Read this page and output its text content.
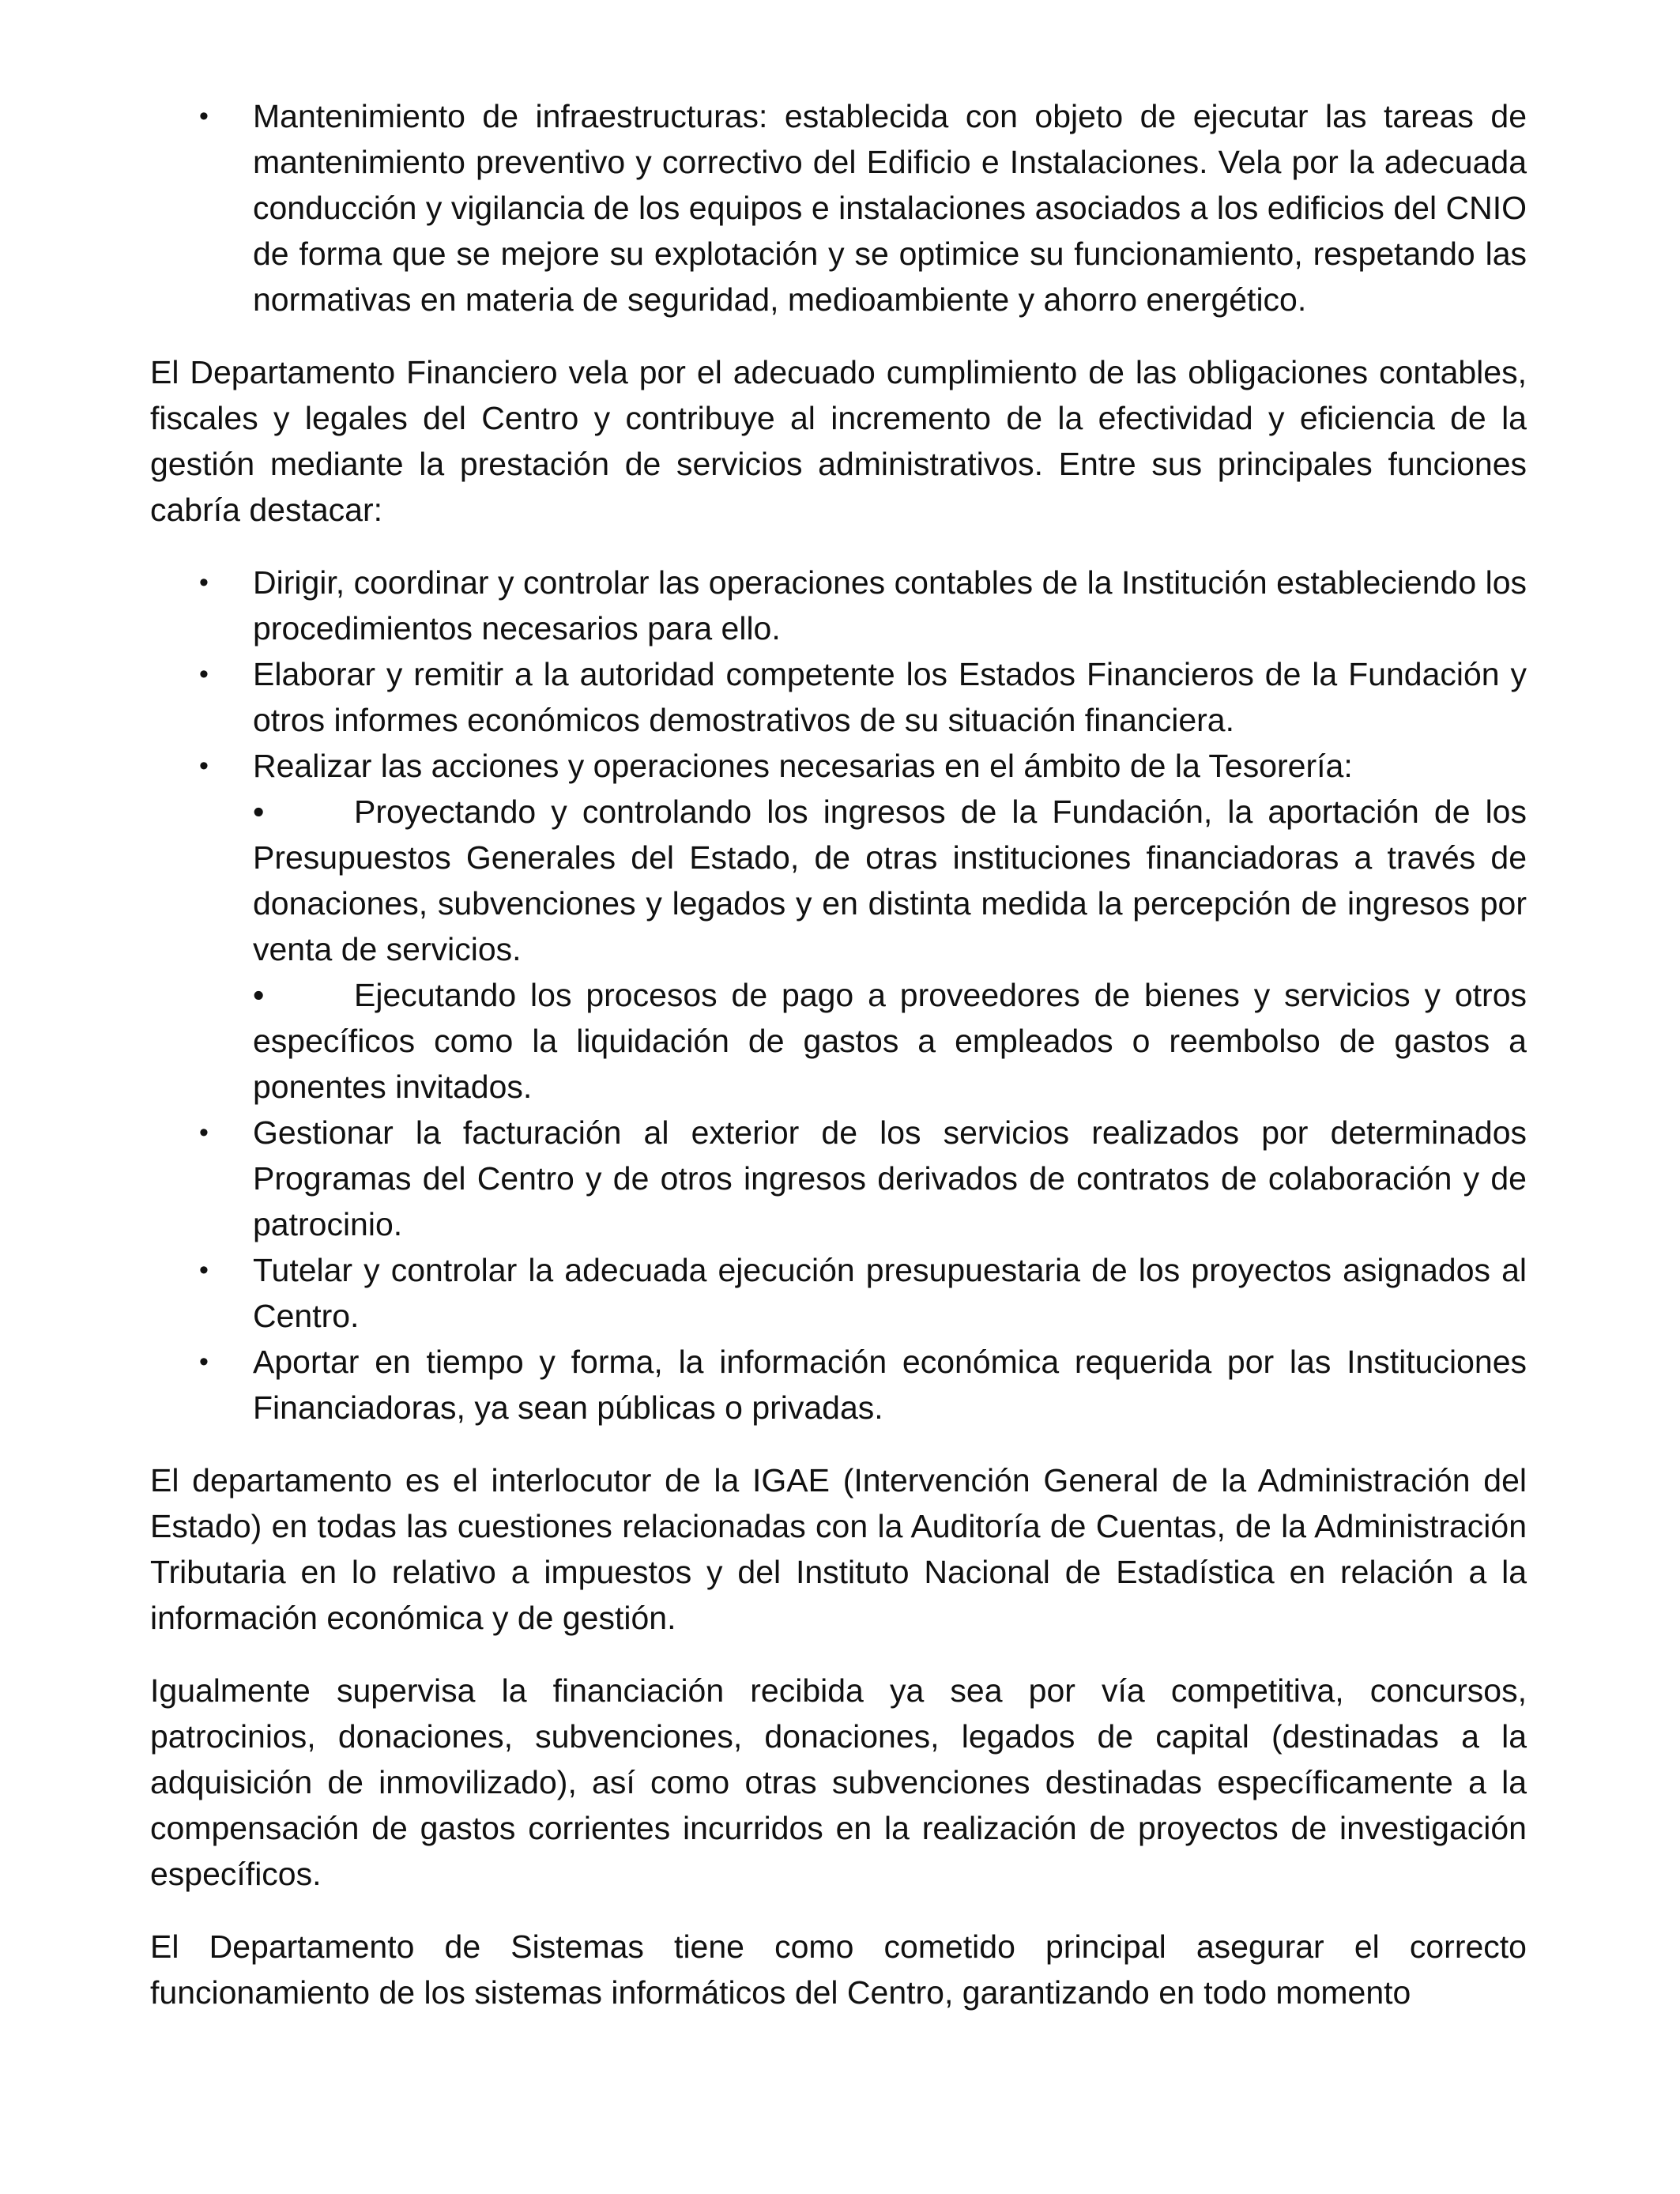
• Mantenimiento de infraestructuras: establecida con objeto de ejecutar las tareas de mantenimiento preventivo y correctivo del Edificio e Instalaciones. Vela por la adecuada conducción y vigilancia de los equipos e instalaciones asociados a los edificios del CNIO de forma que se mejore su explotación y se optimice su funcionamiento, respetando las normativas en materia de seguridad, medioambiente y ahorro energético.

El Departamento Financiero vela por el adecuado cumplimiento de las obligaciones contables, fiscales y legales del Centro y contribuye al incremento de la efectividad y eficiencia de la gestión mediante la prestación de servicios administrativos. Entre sus principales funciones cabría destacar:

• Dirigir, coordinar y controlar las operaciones contables de la Institución estableciendo los procedimientos necesarios para ello.
• Elaborar y remitir a la autoridad competente los Estados Financieros de la Fundación y otros informes económicos demostrativos de su situación financiera.
• Realizar las acciones y operaciones necesarias en el ámbito de la Tesorería:
•	Proyectando y controlando los ingresos de la Fundación, la aportación de los Presupuestos Generales del Estado, de otras instituciones financiadoras a través de donaciones, subvenciones y legados y en distinta medida la percepción de ingresos por venta de servicios.
•	Ejecutando los procesos de pago a proveedores de bienes y servicios y otros específicos como la liquidación de gastos a empleados o reembolso de gastos a ponentes invitados.
• Gestionar la facturación al exterior de los servicios realizados por determinados Programas del Centro y de otros ingresos derivados de contratos de colaboración y de patrocinio.
• Tutelar y controlar la adecuada ejecución presupuestaria de los proyectos asignados al Centro.
• Aportar en tiempo y forma, la información económica requerida por las Instituciones Financiadoras, ya sean públicas o privadas.

El departamento es el interlocutor de la IGAE (Intervención General de la Administración del Estado) en todas las cuestiones relacionadas con la Auditoría de Cuentas, de la Administración Tributaria en lo relativo a impuestos y del Instituto Nacional de Estadística en relación a la información económica y de gestión.

Igualmente supervisa la financiación recibida ya sea por vía competitiva, concursos, patrocinios, donaciones, subvenciones, donaciones, legados de capital (destinadas a la adquisición de inmovilizado), así como otras subvenciones destinadas específicamente a la compensación de gastos corrientes incurridos en la realización de proyectos de investigación específicos.

El Departamento de Sistemas tiene como cometido principal asegurar el correcto funcionamiento de los sistemas informáticos del Centro, garantizando en todo momento
